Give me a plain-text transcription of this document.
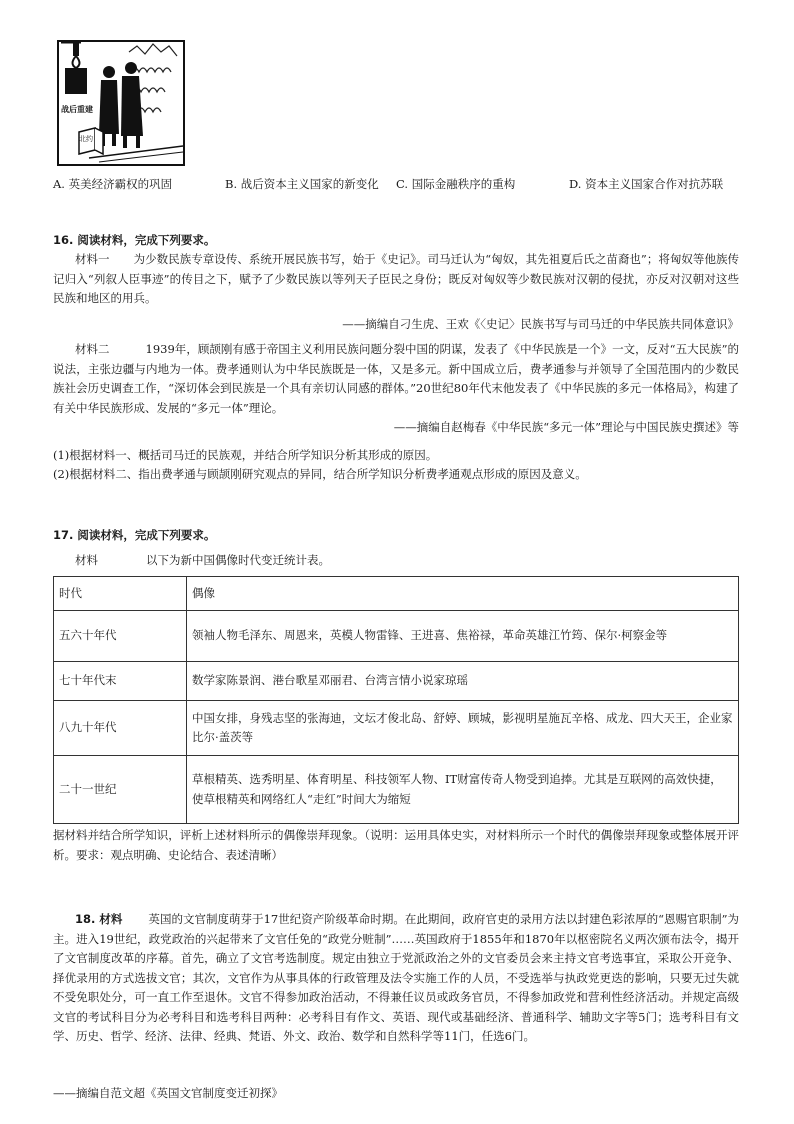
战后重建
北约
A. 英美经济霸权的巩固	B. 战后资本主义国家的新变化 C. 国际金融秩序的重构	D. 资本主义国家合作对抗苏联
16. 阅读材料，完成下列要求。

材料一 为少数民族专章设传、系统开展民族书写，始于《史记》。司马迁认为“匈奴，其先祖夏后氏之苗裔也”；将匈奴等他族传记归入“列叙人臣事迹”的传目之下，赋予了少数民族以等列天子臣民之身份；既反对匈奴等少数民族对汉朝的侵扰，亦反对汉朝对这些民族和地区的用兵。

——摘编自刁生虎、王欢《〈史记〉民族书写与司马迁的中华民族共同体意识》

材料二	1939年，顾颉刚有感于帝国主义利用民族问题分裂中国的阴谋，发表了《中华民族是一个》一文，反对“五大民族”的说法，主张边疆与内地为一体。费孝通则认为中华民族既是一体，又是多元。新中国成立后，费孝通参与并领导了全国范围内的少数民族社会历史调查工作，“深切体会到民族是一个具有亲切认同感的群体。”20世纪80年代末他发表了《中华民族的多元一体格局》，构建了有关中华民族形成、发展的“多元一体”理论。

——摘编自赵梅春《中华民族“多元一体”理论与中国民族史撰述》等
(1)根据材料一、概括司马迁的民族观，并结合所学知识分析其形成的原因。
(2)根据材料二、指出费孝通与顾颉刚研究观点的异同，结合所学知识分析费孝通观点形成的原因及意义。
17. 阅读材料，完成下列要求。
材料	以下为新中国偶像时代变迁统计表。
时代	偶像
五六十年代	领袖人物毛泽东、周恩来，英模人物雷锋、王进喜、焦裕禄，革命英雄江竹筠、保尔·柯察金等
七十年代末	数学家陈景润、港台歌星邓丽君、台湾言情小说家琼瑶
八九十年代	中国女排，身残志坚的张海迪，文坛才俊北岛、舒婷、顾城，影视明星施瓦辛格、成龙、四大天王，企业家比尔·盖茨等
二十一世纪	草根精英、选秀明星、体育明星、科技领军人物、IT财富传奇人物受到追捧。尤其是互联网的高效快捷，使草根精英和网络红人“走红”时间大为缩短

据材料并结合所学知识，评析上述材料所示的偶像崇拜现象。（说明：运用具体史实，对材料所示一个时代的偶像崇拜现象或整体展开评析。要求：观点明确、史论结合、表述清晰）

18. 材料 英国的文官制度萌芽于17世纪资产阶级革命时期。在此期间，政府官吏的录用方法以封建色彩浓厚的“恩赐官职制”为主。进入19世纪，政党政治的兴起带来了文官任免的“政党分赃制”……英国政府于1855年和1870年以枢密院名义两次颁布法令，揭开了文官制度改革的序幕。首先，确立了文官考选制度。规定由独立于党派政治之外的文官委员会来主持文官考选事宜，采取公开竞争、择优录用的方式选拔文官；其次，文官作为从事具体的行政管理及法令实施工作的人员，不受选举与执政党更迭的影响，只要无过失就不受免职处分，可一直工作至退休。文官不得参加政治活动，不得兼任议员或政务官员，不得参加政党和营利性经济活动。并规定高级文官的考试科目分为必考科目和选考科目两种：必考科目有作文、英语、现代或基础经济、普通科学、辅助文字等5门；选考科目有文学、历史、哲学、经济、法律、经典、梵语、外文、政治、数学和自然科学等11门，任选6门。

——摘编自范文超《英国文官制度变迁初探》
